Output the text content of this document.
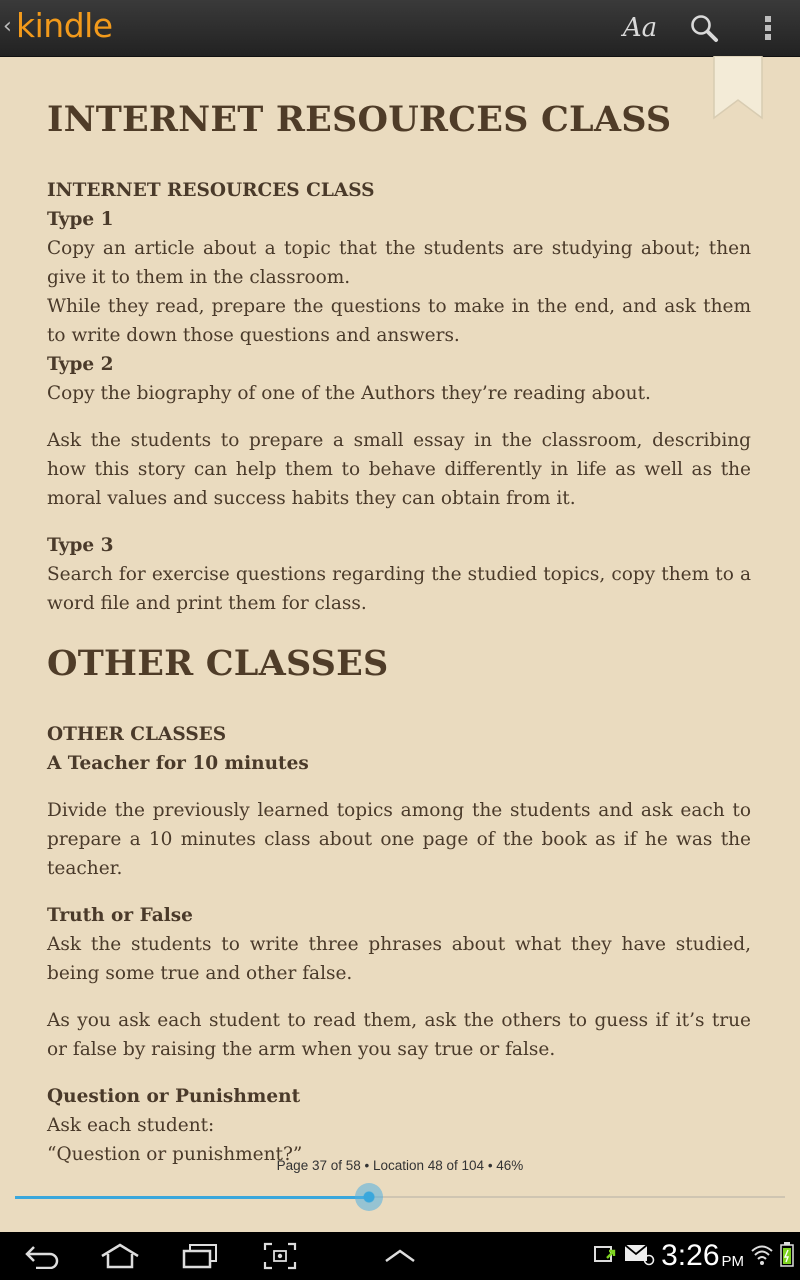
‹ kindle	Aa
INTERNET RESOURCES CLASS

INTERNET RESOURCES CLASS

Type 1

Copy an article about a topic that the students are studying about; then give it to them in the classroom.

While they read, prepare the questions to make in the end, and ask them to write down those questions and answers.

Type 2

Copy the biography of one of the Authors they’re reading about.

Ask the students to prepare a small essay in the classroom, describing how this story can help them to behave differently in life as well as the moral values and success habits they can obtain from it.

Type 3

Search for exercise questions regarding the studied topics, copy them to a word file and print them for class.

OTHER CLASSES

OTHER CLASSES

A Teacher for 10 minutes

Divide the previously learned topics among the students and ask each to prepare a 10 minutes class about one page of the book as if he was the teacher.

Truth or False

Ask the students to write three phrases about what they have studied, being some true and other false.

As you ask each student to read them, ask the others to guess if it’s true or false by raising the arm when you say true or false.

Question or Punishment

Ask each student:

“Question or punishment?”

Page 37 of 58 • Location 48 of 104 • 46%
3:26 PM
